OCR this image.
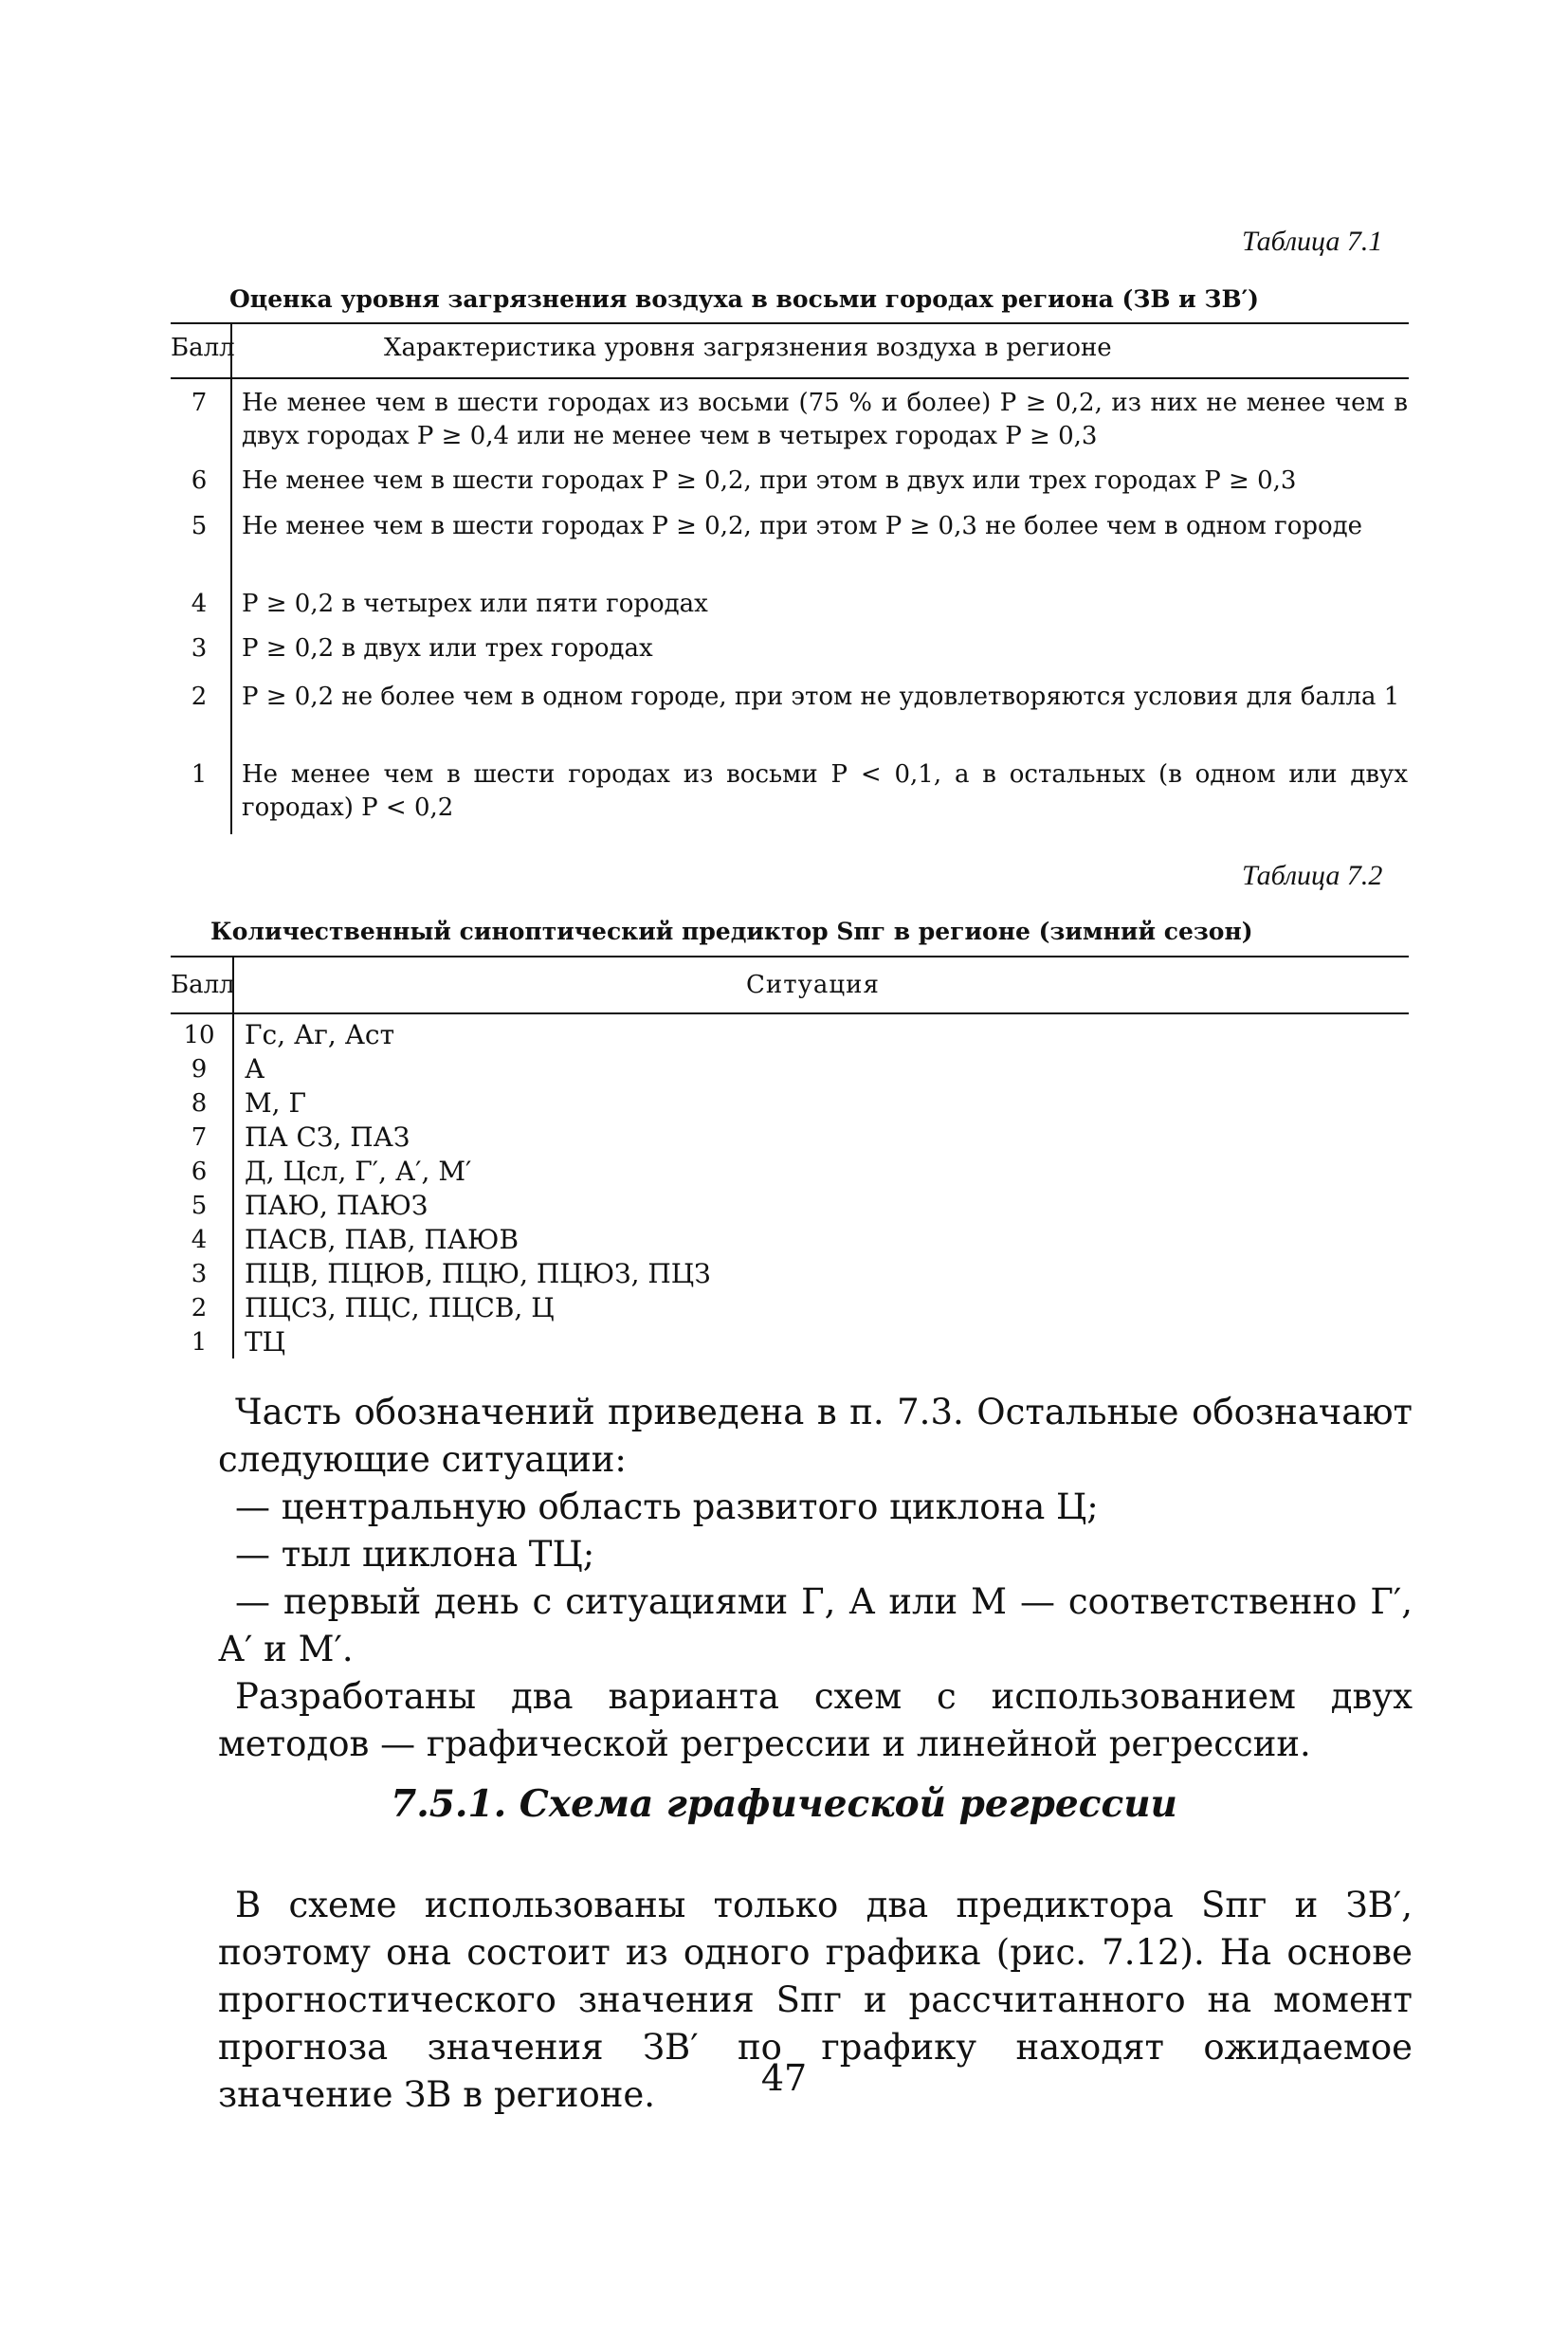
Таблица 7.1
Оценка уровня загрязнения воздуха в восьми городах региона (ЗВ и ЗВ′)
Балл	Характеристика уровня загрязнения воздуха в регионе
7	Не менее чем в шести городах из восьми (75 % и более) P ≥ 0,2, из них не менее чем в двух городах P ≥ 0,4 или не менее чем в четырех городах P ≥ 0,3
6	Не менее чем в шести городах P ≥ 0,2, при этом в двух или трех городах P ≥ 0,3
5	Не менее чем в шести городах P ≥ 0,2, при этом P ≥ 0,3 не более чем в одном городе
4	P ≥ 0,2 в четырех или пяти городах
3	P ≥ 0,2 в двух или трех городах
2	P ≥ 0,2 не более чем в одном городе, при этом не удовлетворяются условия для балла 1
1	Не менее чем в шести городах из восьми P < 0,1, а в остальных (в одном или двух городах) P < 0,2
Таблица 7.2
Количественный синоптический предиктор Sпг в регионе (зимний сезон)
Балл	Ситуация
10	Гс, Аг, Аст
9	А
8	М, Г
7	ПА СЗ, ПАЗ
6	Д, Цсл, Г′, А′, М′
5	ПАЮ, ПАЮЗ
4	ПАСВ, ПАВ, ПАЮВ
3	ПЦВ, ПЦЮВ, ПЦЮ, ПЦЮЗ, ПЦЗ
2	ПЦСЗ, ПЦС, ПЦСВ, Ц
1	ТЦ
Часть обозначений приведена в п. 7.3. Остальные обозначают следующие ситуации:
— центральную область развитого циклона Ц;
— тыл циклона ТЦ;
— первый день с ситуациями Г, А или М — соответственно Г′, А′ и М′.
Разработаны два варианта схем с использованием двух методов — графической регрессии и линейной регрессии.
7.5.1. Схема графической регрессии
В схеме использованы только два предиктора Sпг и ЗВ′, поэтому она состоит из одного графика (рис. 7.12). На основе прогностического значения Sпг и рассчитанного на момент прогноза значения ЗВ′ по графику находят ожидаемое значение ЗВ в регионе.	47
